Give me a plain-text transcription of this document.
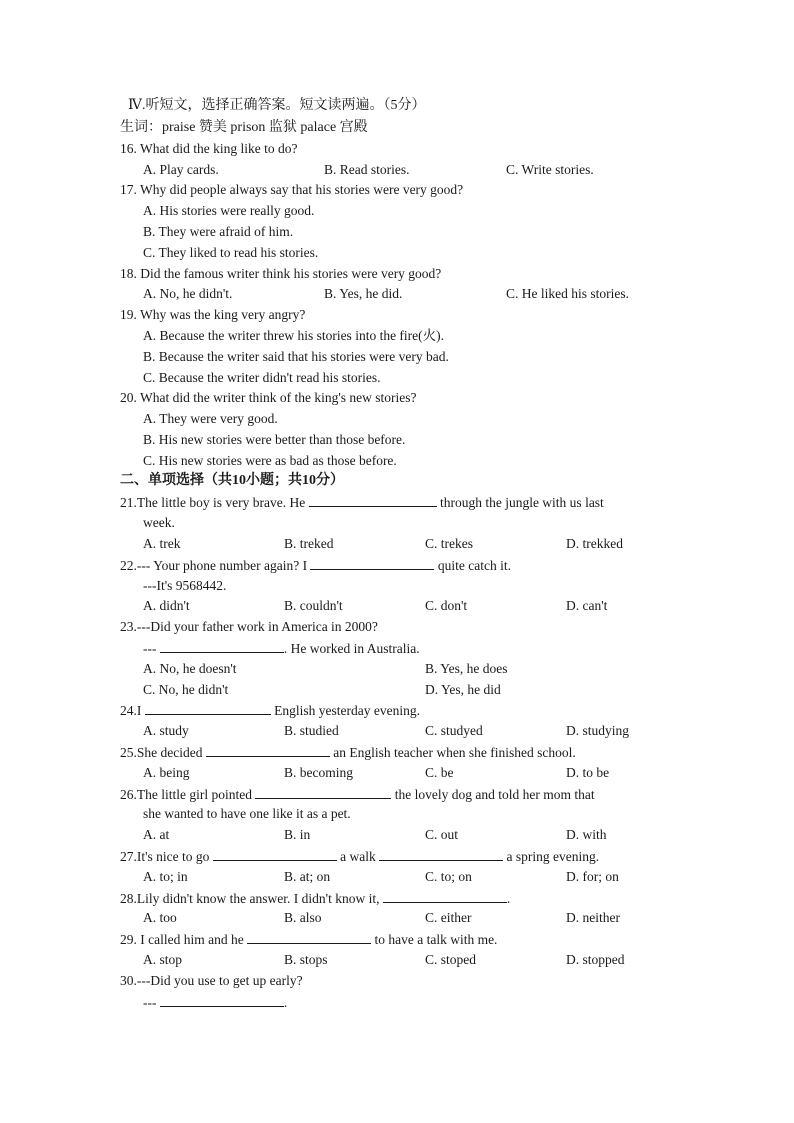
Ⅳ.听短文，选择正确答案。短文读两遍。（5分）
生词：praise 赞美 prison 监狱 palace 宫殿
16. What did the king like to do?
A. Play cards.	B. Read stories.	C. Write stories.
17. Why did people always say that his stories were very good?
A. His stories were really good.
B. They were afraid of him.
C. They liked to read his stories.
18. Did the famous writer think his stories were very good?
A. No, he didn't.	B. Yes, he did.	C. He liked his stories.
19. Why was the king very angry?
A. Because the writer threw his stories into the fire(火).
B. Because the writer said that his stories were very bad.
C. Because the writer didn't read his stories.
20. What did the writer think of the king's new stories?
A. They were very good.
B. His new stories were better than those before.
C. His new stories were as bad as those before.
二、单项选择（共10小题；共10分）
21.The little boy is very brave. He	through the jungle with us last
week.
A. trek	B. treked	C. trekes	D. trekked
22.--- Your phone number again? I	quite catch it.
---It's 9568442.
A. didn't	B. couldn't	C. don't	D. can't
23.---Did your father work in America in 2000?
---	. He worked in Australia.
A. No, he doesn't	B. Yes, he does
C. No, he didn't	D. Yes, he did
24.I	English yesterday evening.
A. study	B. studied	C. studyed	D. studying
25.She decided	an English teacher when she finished school.
A. being	B. becoming	C. be	D. to be
26.The little girl pointed	the lovely dog and told her mom that
she wanted to have one like it as a pet.
A. at	B. in	C. out	D. with
27.It's nice to go	a walk	a spring evening.
A. to; in	B. at; on	C. to; on	D. for; on
28.Lily didn't know the answer. I didn't know it,	.
A. too	B. also	C. either	D. neither
29. I called him and he	to have a talk with me.
A. stop	B. stops	C. stoped	D. stopped
30.---Did you use to get up early?
---	.
